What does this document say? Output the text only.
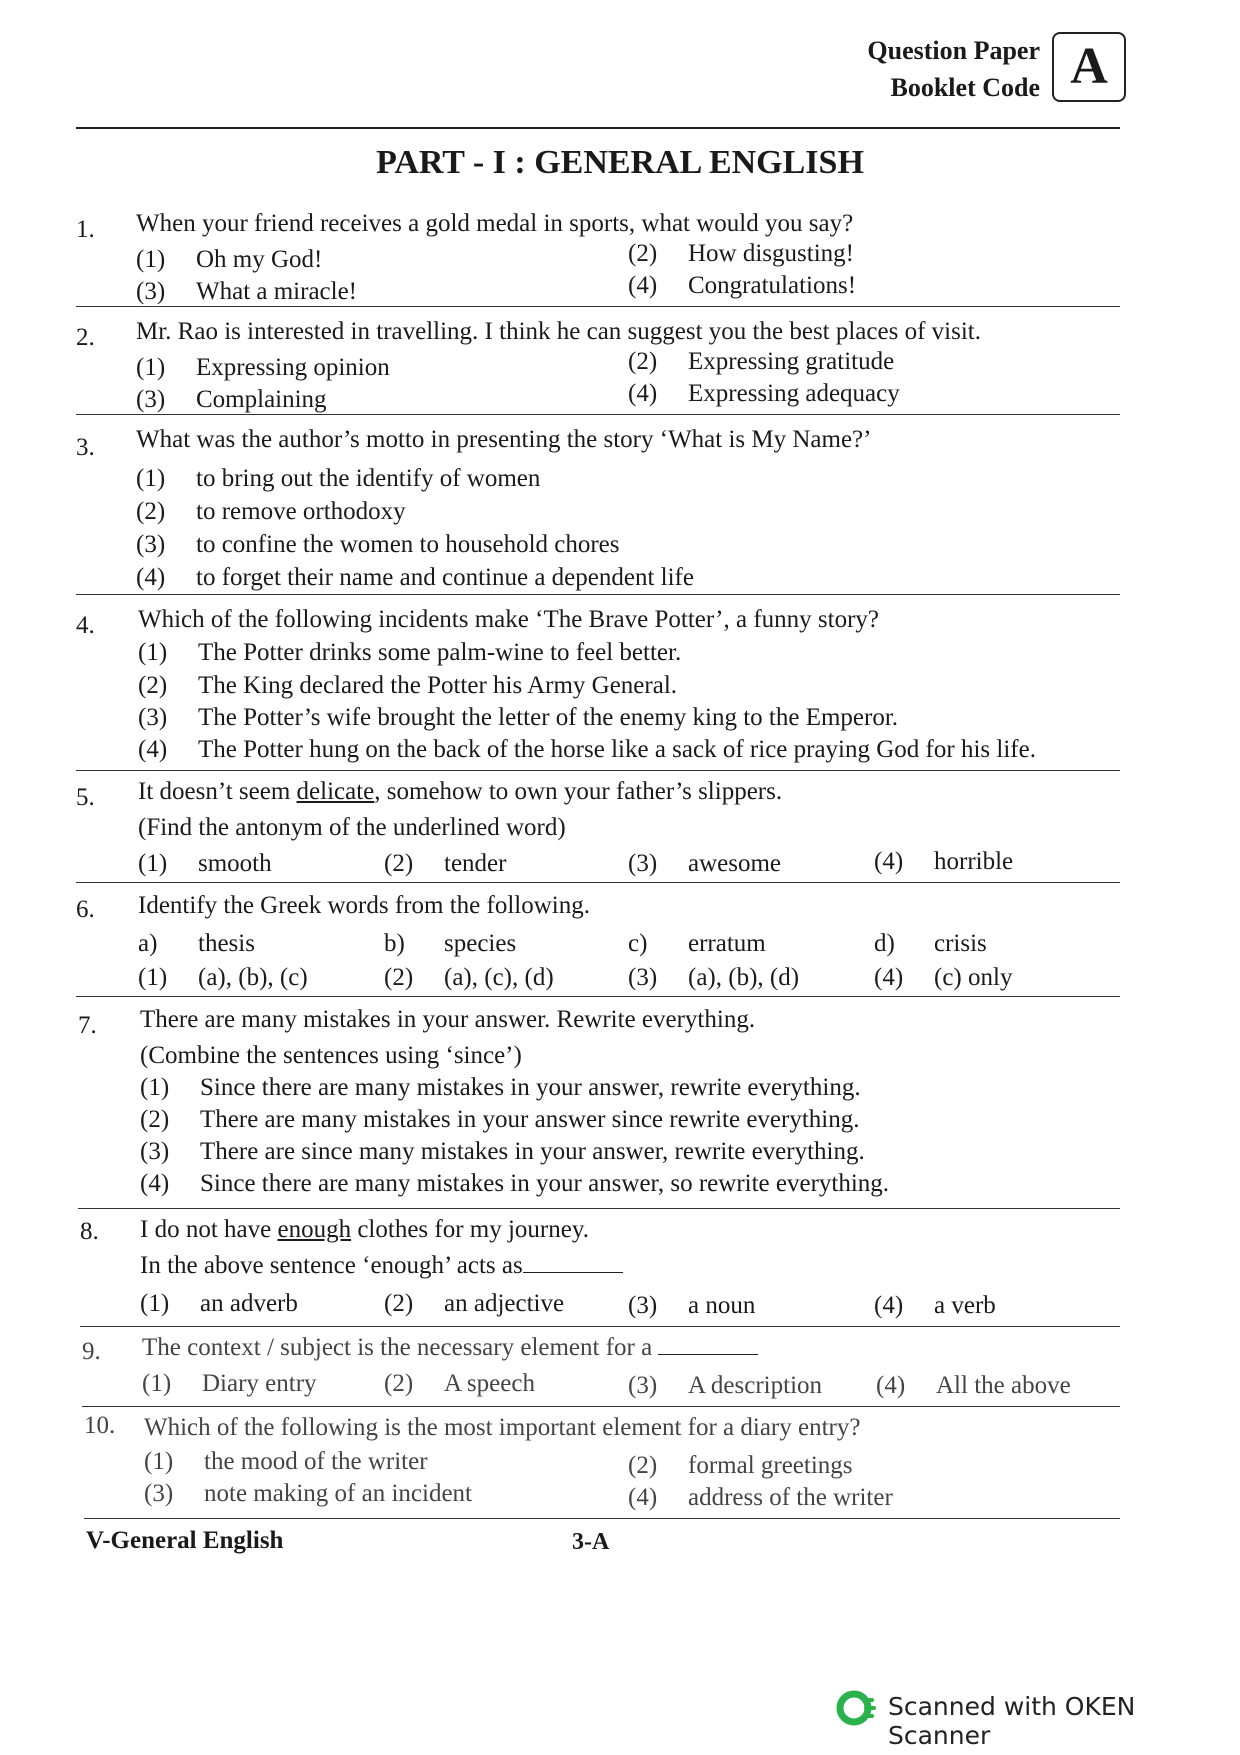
Question Paper
Booklet Code A
PART - I : GENERAL ENGLISH
1. When your friend receives a gold medal in sports, what would you say?
(1) Oh my God!	(2) How disgusting!
(3) What a miracle!	(4) Congratulations!
2. Mr. Rao is interested in travelling. I think he can suggest you the best places of visit.
(1) Expressing opinion	(2) Expressing gratitude
(3) Complaining	(4) Expressing adequacy
3. What was the author’s motto in presenting the story ‘What is My Name?’
(1) to bring out the identify of women
(2) to remove orthodoxy
(3) to confine the women to household chores
(4) to forget their name and continue a dependent life
4. Which of the following incidents make ‘The Brave Potter’, a funny story?
(1) The Potter drinks some palm-wine to feel better.
(2) The King declared the Potter his Army General.
(3) The Potter’s wife brought the letter of the enemy king to the Emperor.
(4) The Potter hung on the back of the horse like a sack of rice praying God for his life.
5. It doesn’t seem delicate, somehow to own your father’s slippers.
(Find the antonym of the underlined word)
(1) smooth	(2) tender	(3) awesome	(4) horrible
6. Identify the Greek words from the following.
a) thesis	b) species	c) erratum	d) crisis
(1) (a), (b), (c)	(2) (a), (c), (d)	(3) (a), (b), (d)	(4) (c) only
7. There are many mistakes in your answer. Rewrite everything.
(Combine the sentences using ‘since’)
(1) Since there are many mistakes in your answer, rewrite everything.
(2) There are many mistakes in your answer since rewrite everything.
(3) There are since many mistakes in your answer, rewrite everything.
(4) Since there are many mistakes in your answer, so rewrite everything.
8. I do not have enough clothes for my journey.
In the above sentence ‘enough’ acts as
(1) an adverb	(2) an adjective	(3) a noun	(4) a verb
9. The context / subject is the necessary element for a
(1) Diary entry	(2) A speech	(3) A description (4) All the above
10. Which of the following is the most important element for a diary entry?
(1) the mood of the writer	(2) formal greetings
(3) note making of an incident	(4) address of the writer
V-General English	3-A
Scanned with OKEN Scanner
